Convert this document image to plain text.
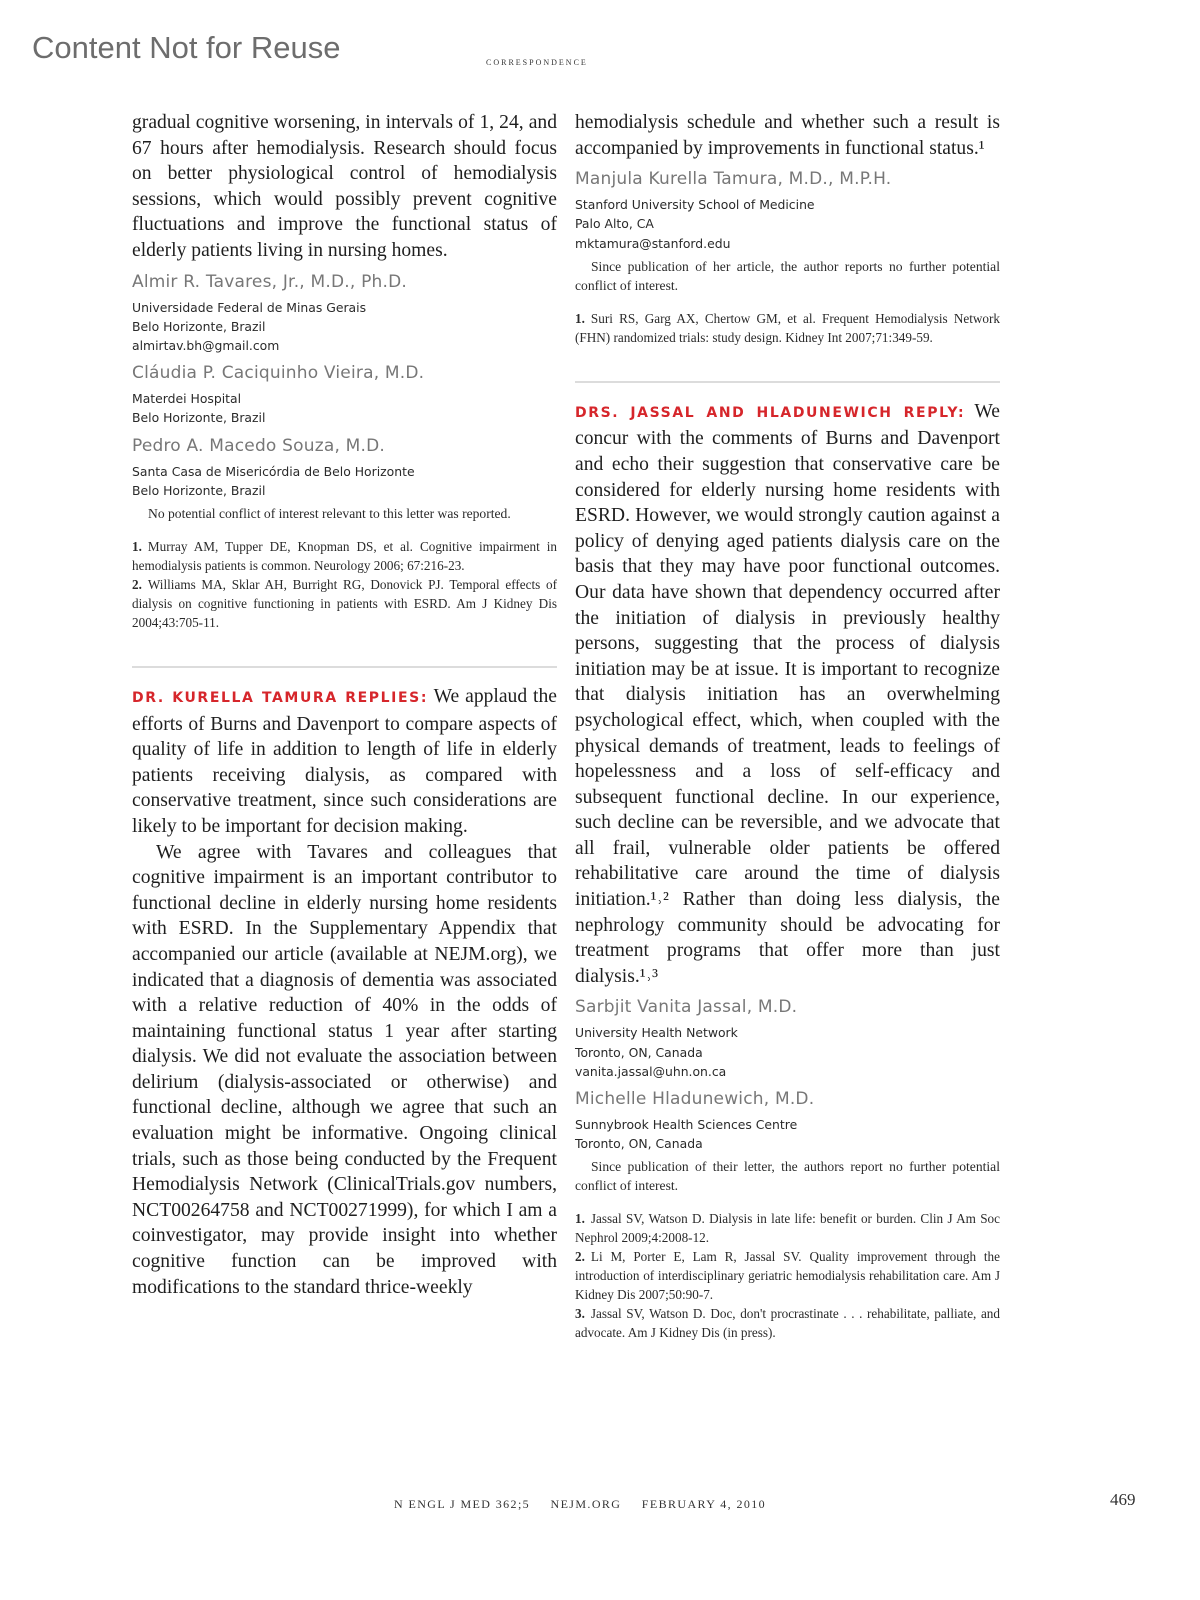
Content Not for Reuse	correspondence

gradual cognitive worsening, in intervals of 1, 24, and 67 hours after hemodialysis. Research should focus on better physiological control of hemodialysis sessions, which would possibly prevent cognitive fluctuations and improve the functional status of elderly patients living in nursing homes.

Almir R. Tavares, Jr., M.D., Ph.D.

Universidade Federal de Minas Gerais

Belo Horizonte, Brazil

almirtav.bh@gmail.com

Cláudia P. Caciquinho Vieira, M.D.

Materdei Hospital

Belo Horizonte, Brazil

Pedro A. Macedo Souza, M.D.

Santa Casa de Misericórdia de Belo Horizonte

Belo Horizonte, Brazil

No potential conflict of interest relevant to this letter was reported.

1. Murray AM, Tupper DE, Knopman DS, et al. Cognitive impairment in hemodialysis patients is common. Neurology 2006; 67:216-23.

2. Williams MA, Sklar AH, Burright RG, Donovick PJ. Temporal effects of dialysis on cognitive functioning in patients with ESRD. Am J Kidney Dis 2004;43:705-11.

DR. KURELLA TAMURA REPLIES: We applaud the efforts of Burns and Davenport to compare aspects of quality of life in addition to length of life in elderly patients receiving dialysis, as compared with conservative treatment, since such considerations are likely to be important for decision making.

We agree with Tavares and colleagues that cognitive impairment is an important contributor to functional decline in elderly nursing home residents with ESRD. In the Supplementary Appendix that accompanied our article (available at NEJM.org), we indicated that a diagnosis of dementia was associated with a relative reduction of 40% in the odds of maintaining functional status 1 year after starting dialysis. We did not evaluate the association between delirium (dialysis-associated or otherwise) and functional decline, although we agree that such an evaluation might be informative. Ongoing clinical trials, such as those being conducted by the Frequent Hemodialysis Network (ClinicalTrials.gov numbers, NCT00264758 and NCT00271999), for which I am a coinvestigator, may provide insight into whether cognitive function can be improved with modifications to the standard thrice-weekly

hemodialysis schedule and whether such a result is accompanied by improvements in functional status.¹

Manjula Kurella Tamura, M.D., M.P.H.

Stanford University School of Medicine

Palo Alto, CA

mktamura@stanford.edu

Since publication of her article, the author reports no further potential conflict of interest.

1. Suri RS, Garg AX, Chertow GM, et al. Frequent Hemodialysis Network (FHN) randomized trials: study design. Kidney Int 2007;71:349-59.

DRS. JASSAL AND HLADUNEWICH REPLY: We concur with the comments of Burns and Davenport and echo their suggestion that conservative care be considered for elderly nursing home residents with ESRD. However, we would strongly caution against a policy of denying aged patients dialysis care on the basis that they may have poor functional outcomes. Our data have shown that dependency occurred after the initiation of dialysis in previously healthy persons, suggesting that the process of dialysis initiation may be at issue. It is important to recognize that dialysis initiation has an overwhelming psychological effect, which, when coupled with the physical demands of treatment, leads to feelings of hopelessness and a loss of self-efficacy and subsequent functional decline. In our experience, such decline can be reversible, and we advocate that all frail, vulnerable older patients be offered rehabilitative care around the time of dialysis initiation.¹˒² Rather than doing less dialysis, the nephrology community should be advocating for treatment programs that offer more than just dialysis.¹˒³

Sarbjit Vanita Jassal, M.D.

University Health Network

Toronto, ON, Canada

vanita.jassal@uhn.on.ca

Michelle Hladunewich, M.D.

Sunnybrook Health Sciences Centre

Toronto, ON, Canada

Since publication of their letter, the authors report no further potential conflict of interest.

1. Jassal SV, Watson D. Dialysis in late life: benefit or burden. Clin J Am Soc Nephrol 2009;4:2008-12.

2. Li M, Porter E, Lam R, Jassal SV. Quality improvement through the introduction of interdisciplinary geriatric hemodialysis rehabilitation care. Am J Kidney Dis 2007;50:90-7.

3. Jassal SV, Watson D. Doc, don't procrastinate . . . rehabilitate, palliate, and advocate. Am J Kidney Dis (in press).

N ENGL J MED 362;5 NEJM.ORG FEBRUARY 4, 2010	469
